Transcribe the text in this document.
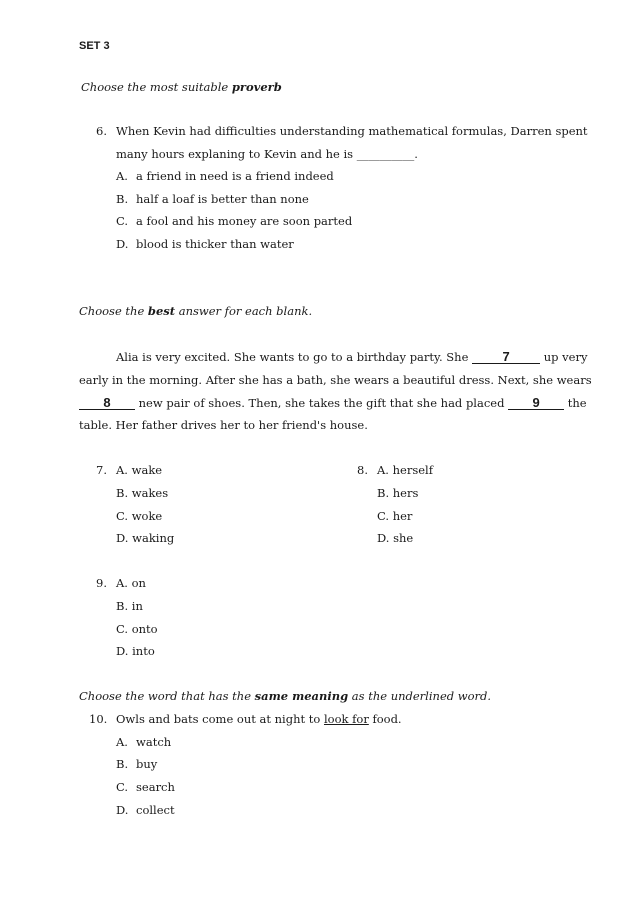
SET 3
Choose the most suitable proverb
6. When Kevin had difficulties understanding mathematical formulas, Darren spent
many hours explaning to Kevin and he is __________.
A. a friend in need is a friend indeed
B. half a loaf is better than none
C. a fool and his money are soon parted
D. blood is thicker than water
Choose the best answer for each blank.
Alia is very excited. She wants to go to a birthday party. She 7	up very
early in the morning. After she has a bath, she wears a beautiful dress. Next, she wears
8 new pair of shoes. Then, she takes the gift that she had placed 9 the
table. Her father drives her to her friend's house.
7. A. wake
B. wakes
C. woke
D. waking
8. A. herself
B. hers
C. her
D. she
9. A. on
B. in
C. onto
D. into
Choose the word that has the same meaning as the underlined word.
10. Owls and bats come out at night to look for food.
A. watch
B. buy
C. search
D. collect
